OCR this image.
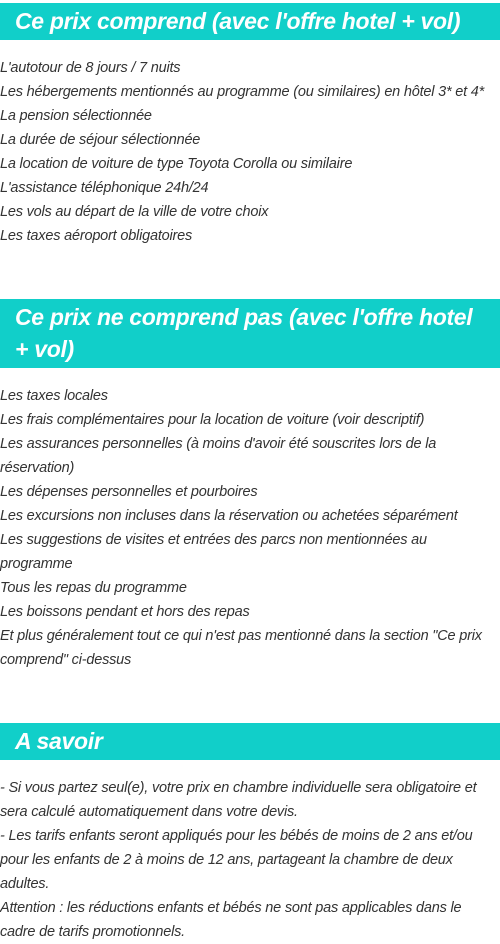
Ce prix comprend (avec l'offre hotel + vol)
L'autotour de 8 jours / 7 nuits
Les hébergements mentionnés au programme (ou similaires) en hôtel 3* et 4*
La pension sélectionnée
La durée de séjour sélectionnée
La location de voiture de type Toyota Corolla ou similaire
L'assistance téléphonique 24h/24
Les vols au départ de la ville de votre choix
Les taxes aéroport obligatoires
Ce prix ne comprend pas (avec l'offre hotel + vol)
Les taxes locales
Les frais complémentaires pour la location de voiture (voir descriptif)
Les assurances personnelles (à moins d'avoir été souscrites lors de la réservation)
Les dépenses personnelles et pourboires
Les excursions non incluses dans la réservation ou achetées séparément
Les suggestions de visites et entrées des parcs non mentionnées au programme
Tous les repas du programme
Les boissons pendant et hors des repas
Et plus généralement tout ce qui n'est pas mentionné dans la section "Ce prix comprend" ci-dessus
A savoir

- Si vous partez seul(e), votre prix en chambre individuelle sera obligatoire et sera calculé automatiquement dans votre devis.

- Les tarifs enfants seront appliqués pour les bébés de moins de 2 ans et/ou pour les enfants de 2 à moins de 12 ans, partageant la chambre de deux adultes.

Attention : les réductions enfants et bébés ne sont pas applicables dans le cadre de tarifs promotionnels.
